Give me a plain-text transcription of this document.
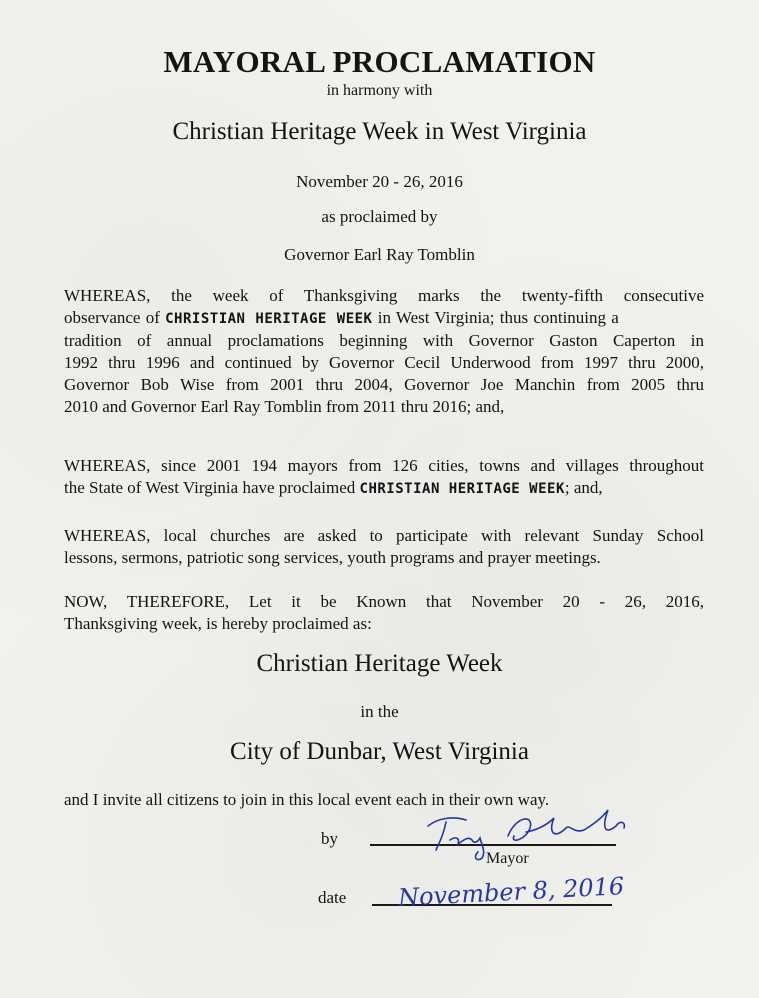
MAYORAL PROCLAMATION
in harmony with
Christian Heritage Week in West Virginia
November 20 - 26, 2016
as proclaimed by
Governor Earl Ray Tomblin
WHEREAS, the week of Thanksgiving marks the twenty-fifth consecutive
observance of CHRISTIAN HERITAGE WEEK in West Virginia; thus continuing a
tradition of annual proclamations beginning with Governor Gaston Caperton in
1992 thru 1996 and continued by Governor Cecil Underwood from 1997 thru 2000,
Governor Bob Wise from 2001 thru 2004, Governor Joe Manchin from 2005 thru
2010 and Governor Earl Ray Tomblin from 2011 thru 2016; and,
WHEREAS, since 2001 194 mayors from 126 cities, towns and villages throughout
the State of West Virginia have proclaimed CHRISTIAN HERITAGE WEEK; and,
WHEREAS, local churches are asked to participate with relevant Sunday School
lessons, sermons, patriotic song services, youth programs and prayer meetings.
NOW, THEREFORE, Let it be Known that November 20 - 26, 2016,
Thanksgiving week, is hereby proclaimed as:
Christian Heritage Week
in the
City of Dunbar, West Virginia
and I invite all citizens to join in this local event each in their own way.
by
Mayor
date November 8, 2016
